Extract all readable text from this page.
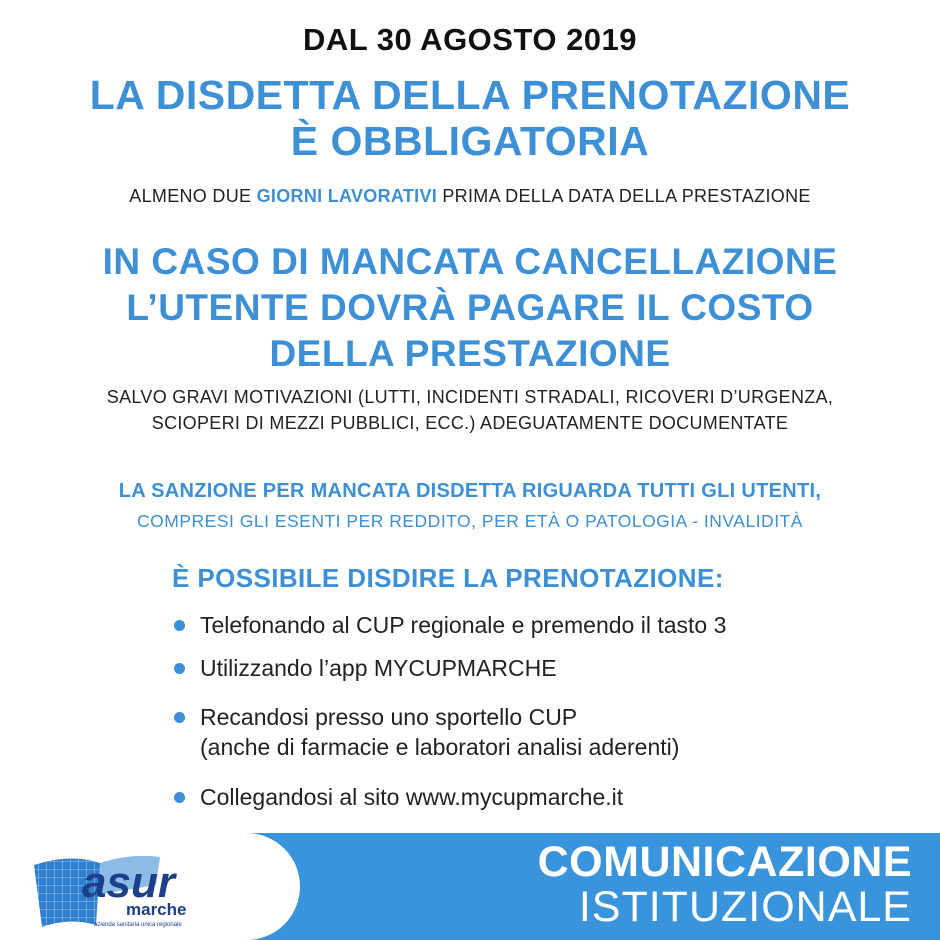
DAL 30 AGOSTO 2019
LA DISDETTA DELLA PRENOTAZIONE
È OBBLIGATORIA
ALMENO DUE GIORNI LAVORATIVI PRIMA DELLA DATA DELLA PRESTAZIONE
IN CASO DI MANCATA CANCELLAZIONE
L’UTENTE DOVRÀ PAGARE IL COSTO
DELLA PRESTAZIONE
SALVO GRAVI MOTIVAZIONI (LUTTI, INCIDENTI STRADALI, RICOVERI D’URGENZA,
SCIOPERI DI MEZZI PUBBLICI, ECC.) ADEGUATAMENTE DOCUMENTATE
LA SANZIONE PER MANCATA DISDETTA RIGUARDA TUTTI GLI UTENTI,
COMPRESI GLI ESENTI PER REDDITO, PER ETÀ O PATOLOGIA - INVALIDITÀ
È POSSIBILE DISDIRE LA PRENOTAZIONE:
Telefonando al CUP regionale e premendo il tasto 3
Utilizzando l’app MYCUPMARCHE
Recandosi presso uno sportello CUP
(anche di farmacie e laboratori analisi aderenti)
Collegandosi al sito www.mycupmarche.it
asur
marche
azienda sanitaria unica regionale
COMUNICAZIONE
ISTITUZIONALE
